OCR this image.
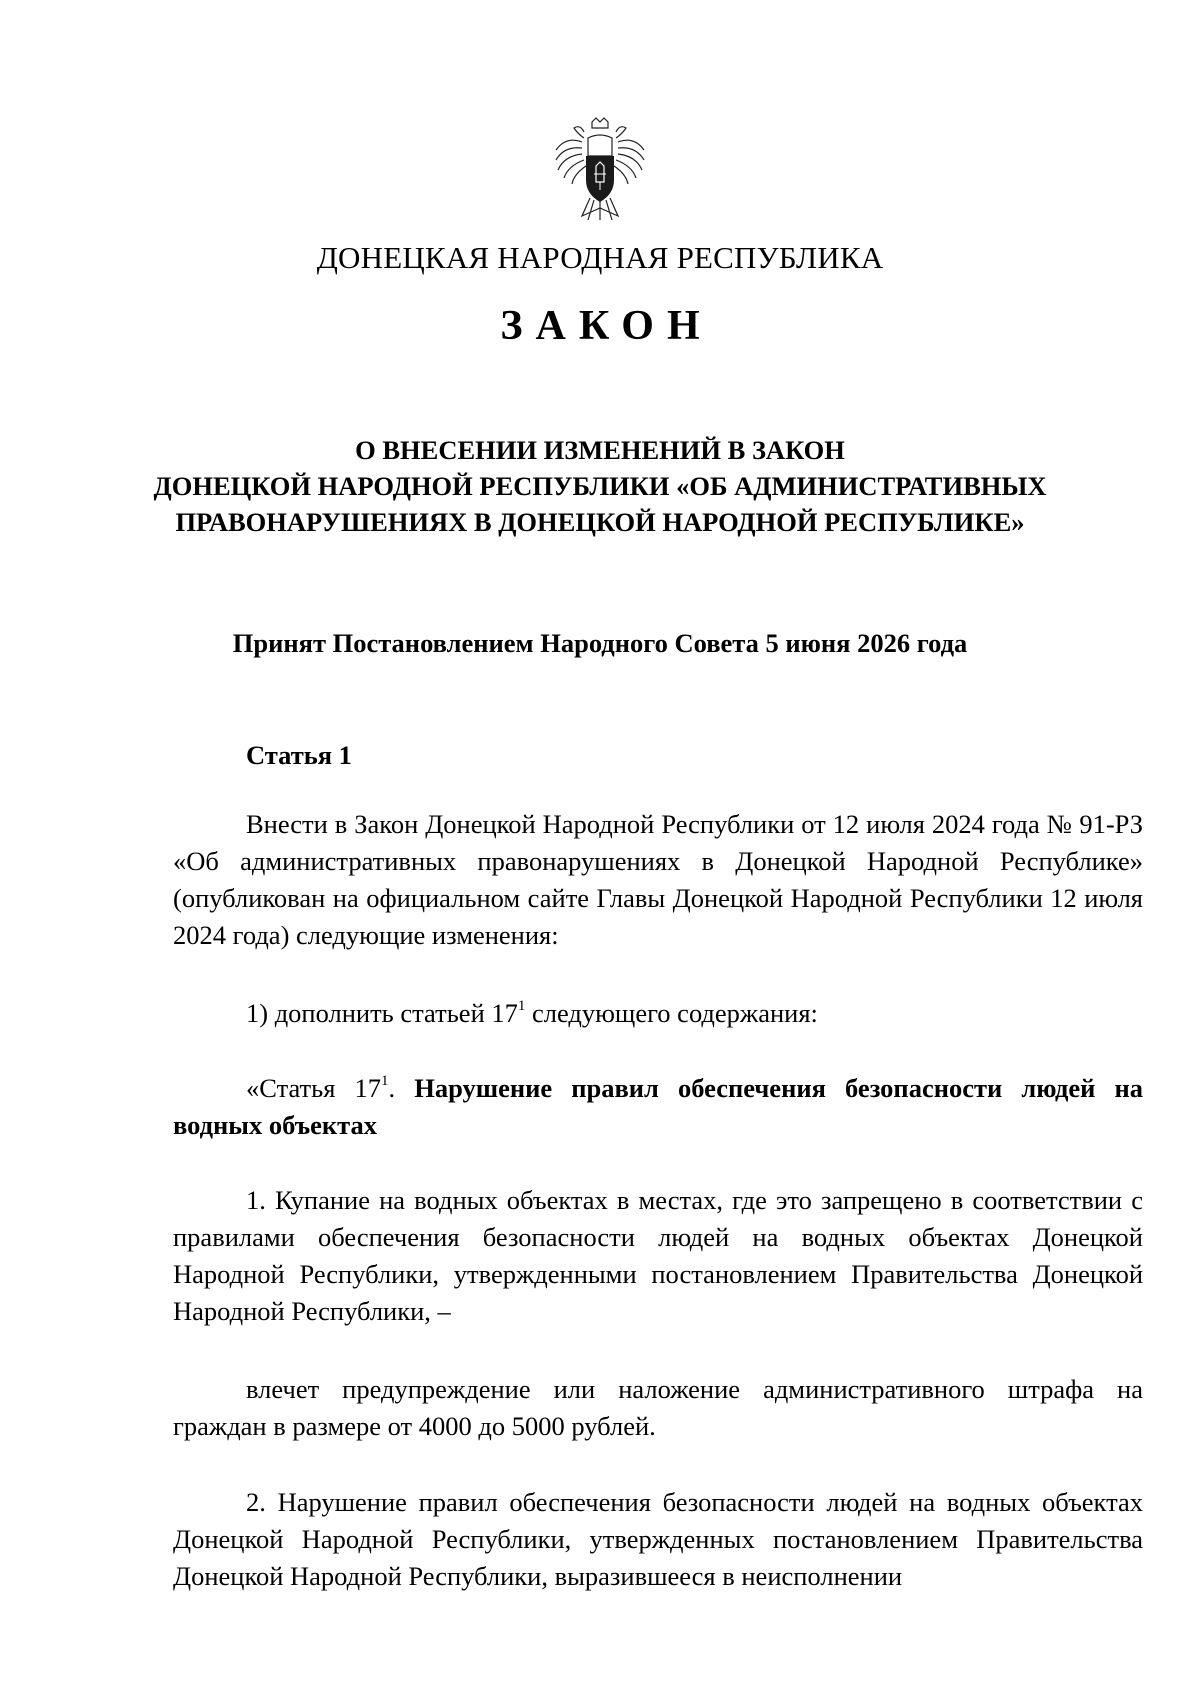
ДОНЕЦКАЯ НАРОДНАЯ РЕСПУБЛИКА
ЗАКОН
О ВНЕСЕНИИ ИЗМЕНЕНИЙ В ЗАКОН
ДОНЕЦКОЙ НАРОДНОЙ РЕСПУБЛИКИ «ОБ АДМИНИСТРАТИВНЫХ
ПРАВОНАРУШЕНИЯХ В ДОНЕЦКОЙ НАРОДНОЙ РЕСПУБЛИКЕ»
Принят Постановлением Народного Совета 5 июня 2026 года
Статья 1
Внести в Закон Донецкой Народной Республики от 12 июля 2024 года № 91-РЗ «Об административных правонарушениях в Донецкой Народной Республике» (опубликован на официальном сайте Главы Донецкой Народной Республики 12 июля 2024 года) следующие изменения:
1) дополнить статьей $17^1$ следующего содержания:
«Статья $17^1$. Нарушение правил обеспечения безопасности людей на водных объектах
1. Купание на водных объектах в местах, где это запрещено в соответствии с правилами обеспечения безопасности людей на водных объектах Донецкой Народной Республики, утвержденными постановлением Правительства Донецкой Народной Республики, –
влечет предупреждение или наложение административного штрафа на граждан в размере от 4000 до 5000 рублей.
2. Нарушение правил обеспечения безопасности людей на водных объектах Донецкой Народной Республики, утвержденных постановлением Правительства Донецкой Народной Республики, выразившееся в неисполнении
